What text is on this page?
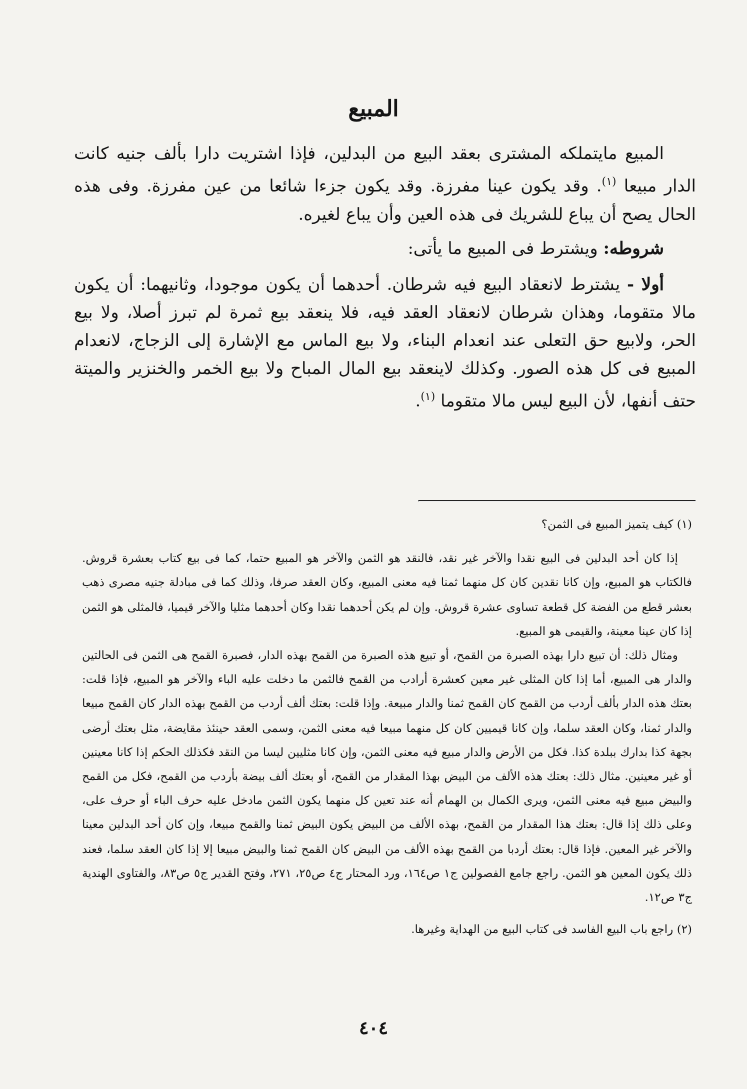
المبيع

المبيع مايتملكه المشترى بعقد البيع من البدلين، فإذا اشتريت دارا بألف جنيه كانت الدار مبيعا $^{(١)}$. وقد يكون عينا مفرزة. وقد يكون جزءا شائعا من عين مفرزة. وفى هذه الحال يصح أن يباع للشريك فى هذه العين وأن يباع لغيره.

شروطه: ويشترط فى المبيع ما يأتى:

أولا - يشترط لانعقاد البيع فيه شرطان. أحدهما أن يكون موجودا، وثانيهما: أن يكون مالا متقوما، وهذان شرطان لانعقاد العقد فيه، فلا ينعقد بيع ثمرة لم تبرز أصلا، ولا بيع الحر، ولابيع حق التعلى عند انعدام البناء، ولا بيع الماس مع الإشارة إلى الزجاج، لانعدام المبيع فى كل هذه الصور. وكذلك لاينعقد بيع المال المباح ولا بيع الخمر والخنزير والميتة حتف أنفها، لأن البيع ليس مالا متقوما $^{(١)}$.

(١) كيف يتميز المبيع فى الثمن؟

إذا كان أحد البدلين فى البيع نقدا والآخر غير نقد، فالنقد هو الثمن والآخر هو المبيع حتما، كما فى بيع كتاب بعشرة قروش. فالكتاب هو المبيع، وإن كانا نقدين كان كل منهما ثمنا فيه معنى المبيع، وكان العقد صرفا، وذلك كما فى مبادلة جنيه مصرى ذهب بعشر قطع من الفضة كل قطعة تساوى عشرة قروش. وإن لم يكن أحدهما نقدا وكان أحدهما مثليا والآخر قيميا، فالمثلى هو الثمن إذا كان عينا معينة، والقيمى هو المبيع.

ومثال ذلك: أن تبيع دارا بهذه الصبرة من القمح، أو تبيع هذه الصبرة من القمح بهذه الدار، فصبرة القمح هى الثمن فى الحالتين والدار هى المبيع، أما إذا كان المثلى غير معين كعشرة أرادب من القمح فالثمن ما دخلت عليه الباء والآخر هو المبيع، فإذا قلت: بعتك هذه الدار بألف أردب من القمح كان القمح ثمنا والدار مبيعة. وإذا قلت: بعتك ألف أردب من القمح بهذه الدار كان القمح مبيعا والدار ثمنا، وكان العقد سلما، وإن كانا قيميين كان كل منهما مبيعا فيه معنى الثمن، وسمى العقد حينئذ مقايضة، مثل بعتك أرضى بجهة كذا بدارك ببلدة كذا. فكل من الأرض والدار مبيع فيه معنى الثمن، وإن كانا مثليين ليسا من النقد فكذلك الحكم إذا كانا معينين أو غير معينين. مثال ذلك: بعتك هذه الألف من البيض بهذا المقدار من القمح، أو بعتك ألف بيضة بأردب من القمح، فكل من القمح والبيض مبيع فيه معنى الثمن، ويرى الكمال بن الهمام أنه عند تعين كل منهما يكون الثمن مادخل عليه حرف الباء أو حرف على، وعلى ذلك إذا قال: بعتك هذا المقدار من القمح، بهذه الألف من البيض يكون البيض ثمنا والقمح مبيعا، وإن كان أحد البدلين معينا والآخر غير المعين. فإذا قال: بعتك أردبا من القمح بهذه الألف من البيض كان القمح ثمنا والبيض مبيعا إلا إذا كان العقد سلما، فعند ذلك يكون المعين هو الثمن. راجع جامع الفصولين ج١ ص١٦٤، ورد المحتار ج٤ ص٢٥، ٢٧١، وفتح القدير ج٥ ص٨٣، والفتاوى الهندية ج٣ ص١٢.

(٢) راجع باب البيع الفاسد فى كتاب البيع من الهداية وغيرها.

٤٠٤
